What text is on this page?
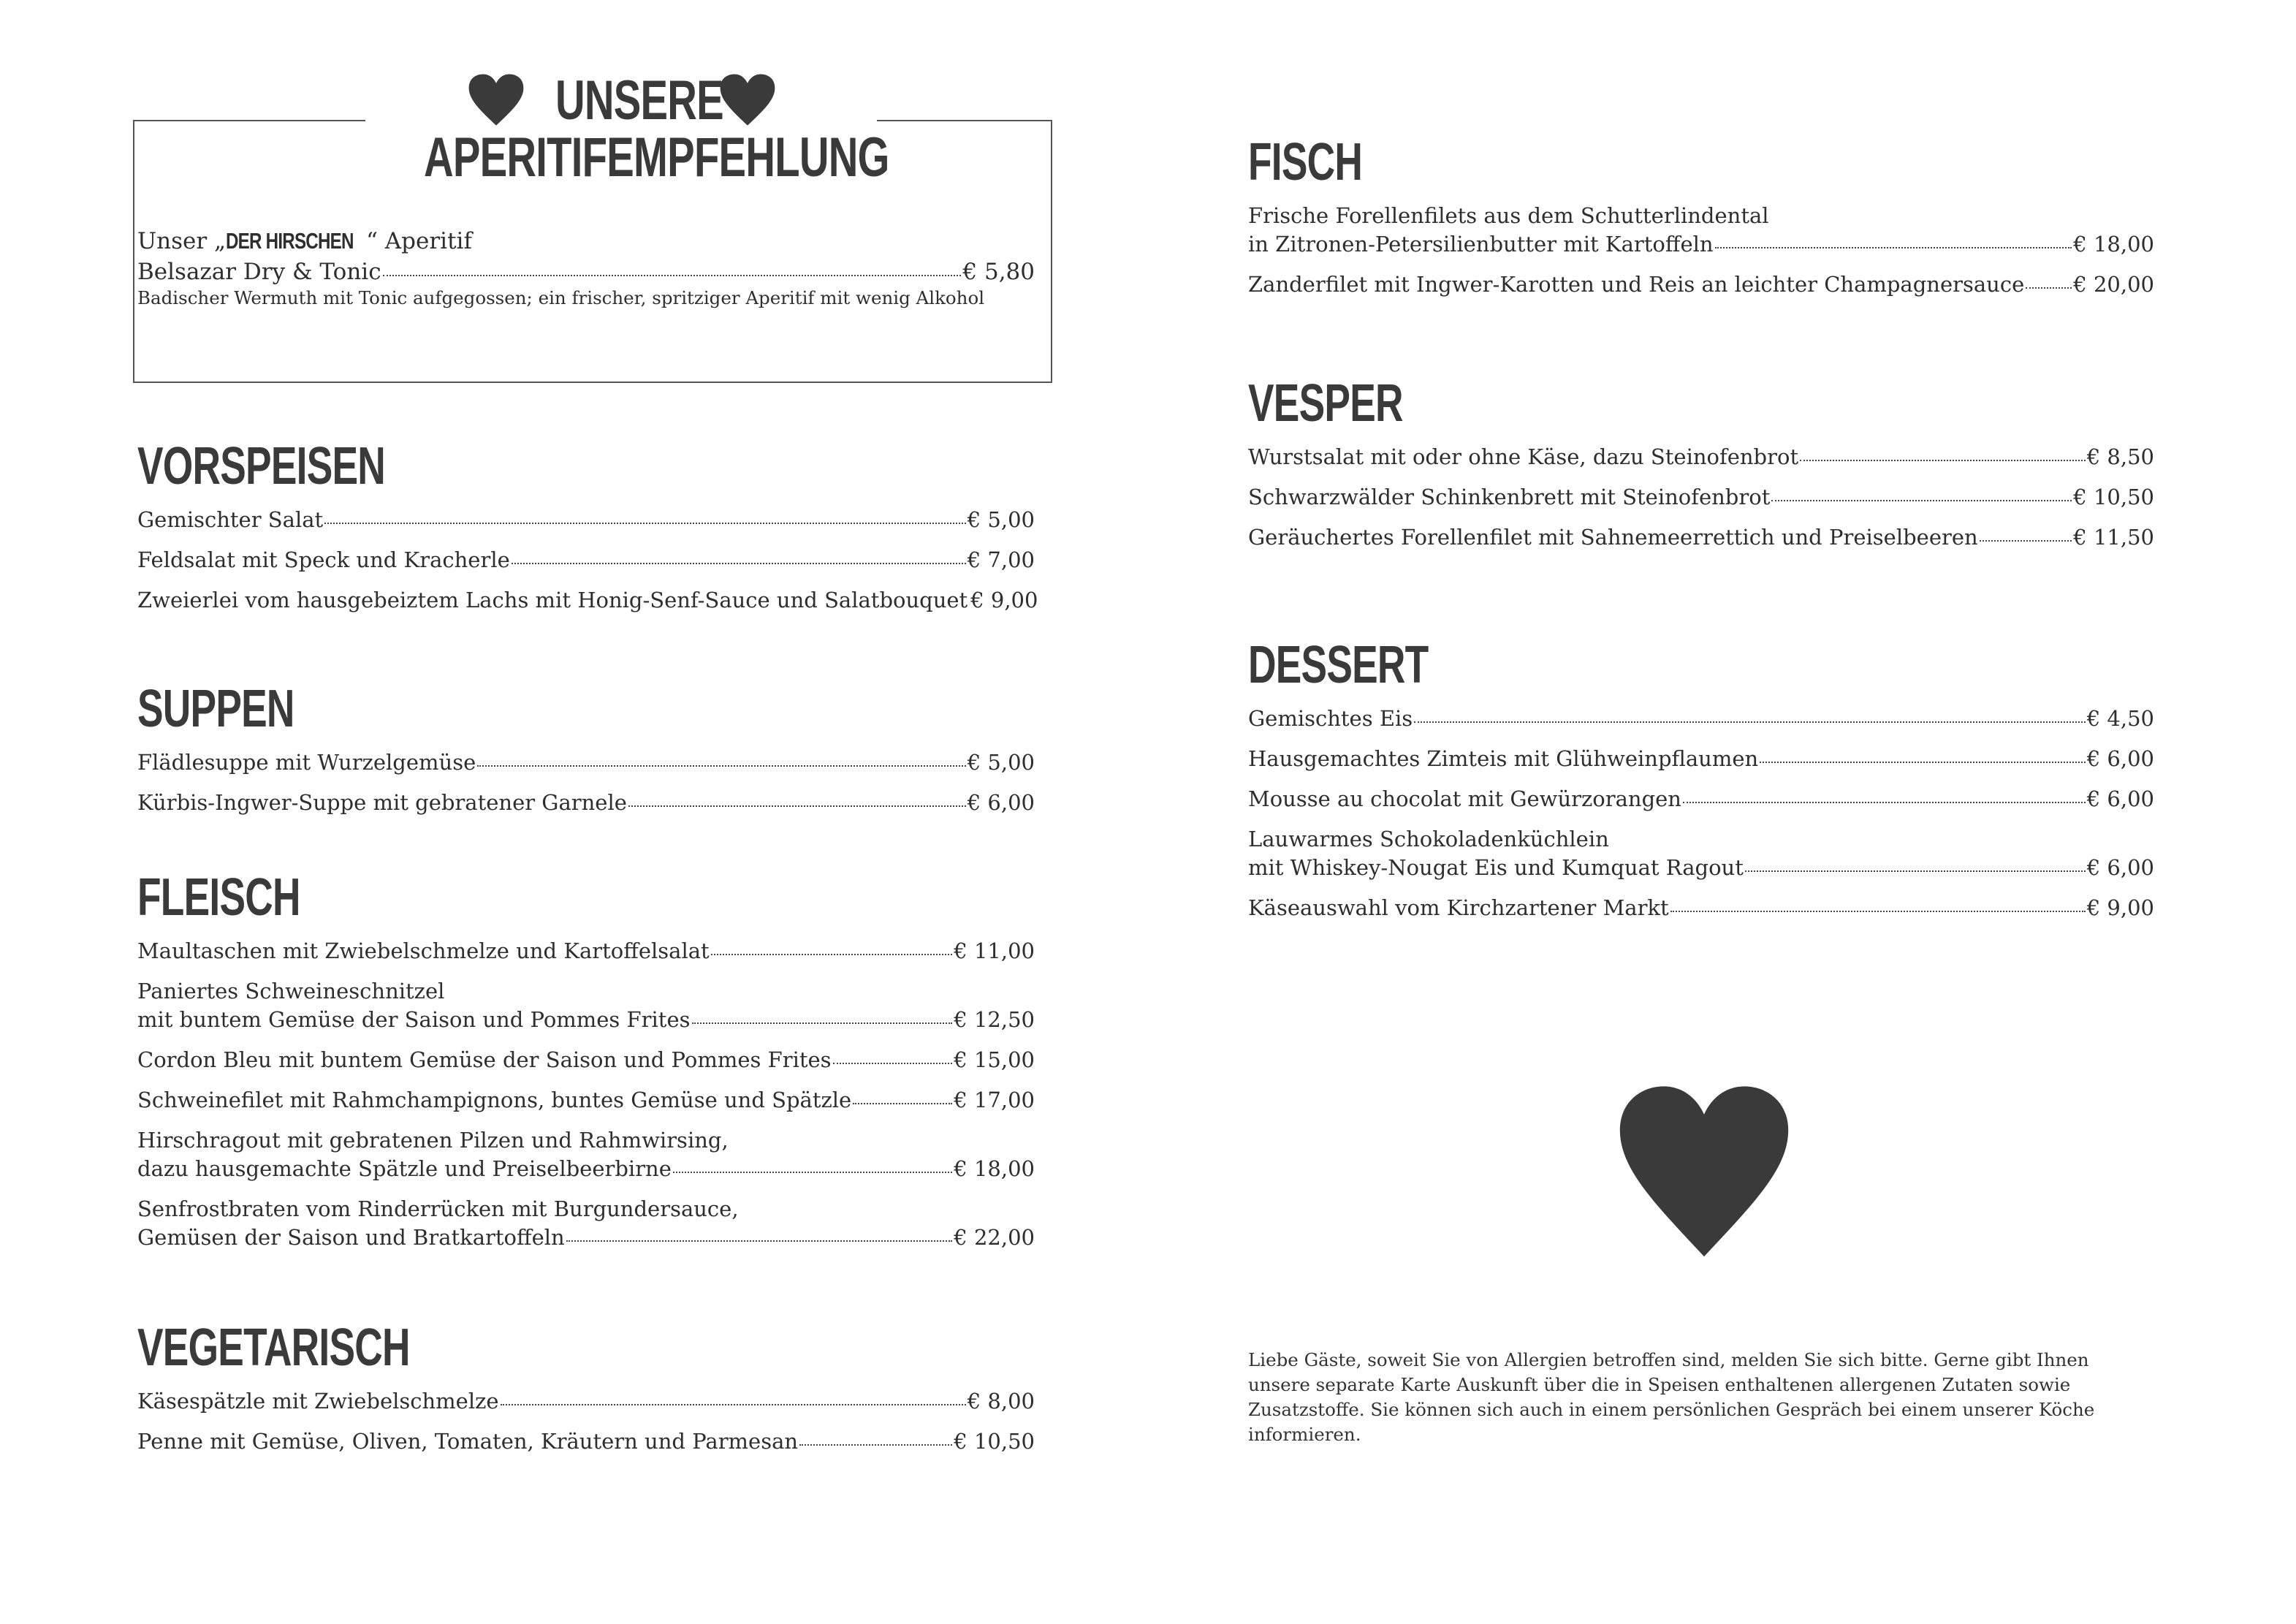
UNSERE
APERITIFEMPFEHLUNG
Unser „DER HIRSCHEN “ Aperitif
Belsazar Dry & Tonic	€ 5,80
Badischer Wermuth mit Tonic aufgegossen; ein frischer, spritziger Aperitif mit wenig Alkohol
VORSPEISEN
Gemischter Salat	€ 5,00
Feldsalat mit Speck und Kracherle	€ 7,00
Zweierlei vom hausgebeiztem Lachs mit Honig-Senf-Sauce und Salatbouquet € 9,00
SUPPEN
Flädlesuppe mit Wurzelgemüse	€ 5,00
Kürbis-Ingwer-Suppe mit gebratener Garnele	€ 6,00
FLEISCH
Maultaschen mit Zwiebelschmelze und Kartoffelsalat	€ 11,00
Paniertes Schweineschnitzel
mit buntem Gemüse der Saison und Pommes Frites	€ 12,50
Cordon Bleu mit buntem Gemüse der Saison und Pommes Frites	€ 15,00
Schweinefilet mit Rahmchampignons, buntes Gemüse und Spätzle	€ 17,00
Hirschragout mit gebratenen Pilzen und Rahmwirsing,
dazu hausgemachte Spätzle und Preiselbeerbirne	€ 18,00
Senfrostbraten vom Rinderrücken mit Burgundersauce,
Gemüsen der Saison und Bratkartoffeln	€ 22,00
VEGETARISCH
Käsespätzle mit Zwiebelschmelze	€ 8,00
Penne mit Gemüse, Oliven, Tomaten, Kräutern und Parmesan	€ 10,50
FISCH
Frische Forellenfilets aus dem Schutterlindental
in Zitronen-Petersilienbutter mit Kartoffeln	€ 18,00
Zanderfilet mit Ingwer-Karotten und Reis an leichter Champagnersauce € 20,00
VESPER
Wurstsalat mit oder ohne Käse, dazu Steinofenbrot	€ 8,50
Schwarzwälder Schinkenbrett mit Steinofenbrot	€ 10,50
Geräuchertes Forellenfilet mit Sahnemeerrettich und Preiselbeeren	€ 11,50
DESSERT
Gemischtes Eis	€ 4,50
Hausgemachtes Zimteis mit Glühweinpflaumen	€ 6,00
Mousse au chocolat mit Gewürzorangen	€ 6,00
Lauwarmes Schokoladenküchlein
mit Whiskey-Nougat Eis und Kumquat Ragout	€ 6,00
Käseauswahl vom Kirchzartener Markt	€ 9,00
Liebe Gäste, soweit Sie von Allergien betroffen sind, melden Sie sich bitte. Gerne gibt Ihnen unsere separate Karte Auskunft über die in Speisen enthaltenen allergenen Zutaten sowie Zusatzstoffe. Sie können sich auch in einem persönlichen Gespräch bei einem unserer Köche informieren.
